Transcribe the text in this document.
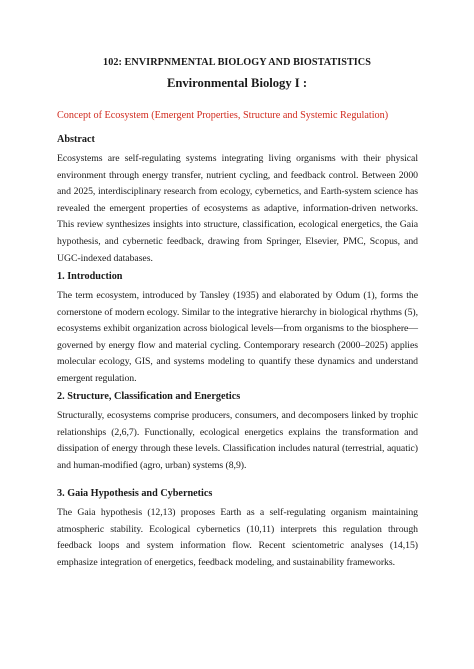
102: ENVIRPNMENTAL BIOLOGY AND BIOSTATISTICS

Environmental Biology I :

Concept of Ecosystem (Emergent Properties, Structure and Systemic Regulation)

Abstract

Ecosystems are self-regulating systems integrating living organisms with their physical environment through energy transfer, nutrient cycling, and feedback control. Between 2000 and 2025, interdisciplinary research from ecology, cybernetics, and Earth-system science has revealed the emergent properties of ecosystems as adaptive, information-driven networks. This review synthesizes insights into structure, classification, ecological energetics, the Gaia hypothesis, and cybernetic feedback, drawing from Springer, Elsevier, PMC, Scopus, and UGC-indexed databases.

1. Introduction

The term ecosystem, introduced by Tansley (1935) and elaborated by Odum (1), forms the cornerstone of modern ecology. Similar to the integrative hierarchy in biological rhythms (5), ecosystems exhibit organization across biological levels—from organisms to the biosphere—governed by energy flow and material cycling. Contemporary research (2000–2025) applies molecular ecology, GIS, and systems modeling to quantify these dynamics and understand emergent regulation.

2. Structure, Classification and Energetics

Structurally, ecosystems comprise producers, consumers, and decomposers linked by trophic relationships (2,6,7). Functionally, ecological energetics explains the transformation and dissipation of energy through these levels. Classification includes natural (terrestrial, aquatic) and human-modified (agro, urban) systems (8,9).

3. Gaia Hypothesis and Cybernetics

The Gaia hypothesis (12,13) proposes Earth as a self-regulating organism maintaining atmospheric stability. Ecological cybernetics (10,11) interprets this regulation through feedback loops and system information flow. Recent scientometric analyses (14,15) emphasize integration of energetics, feedback modeling, and sustainability frameworks.
